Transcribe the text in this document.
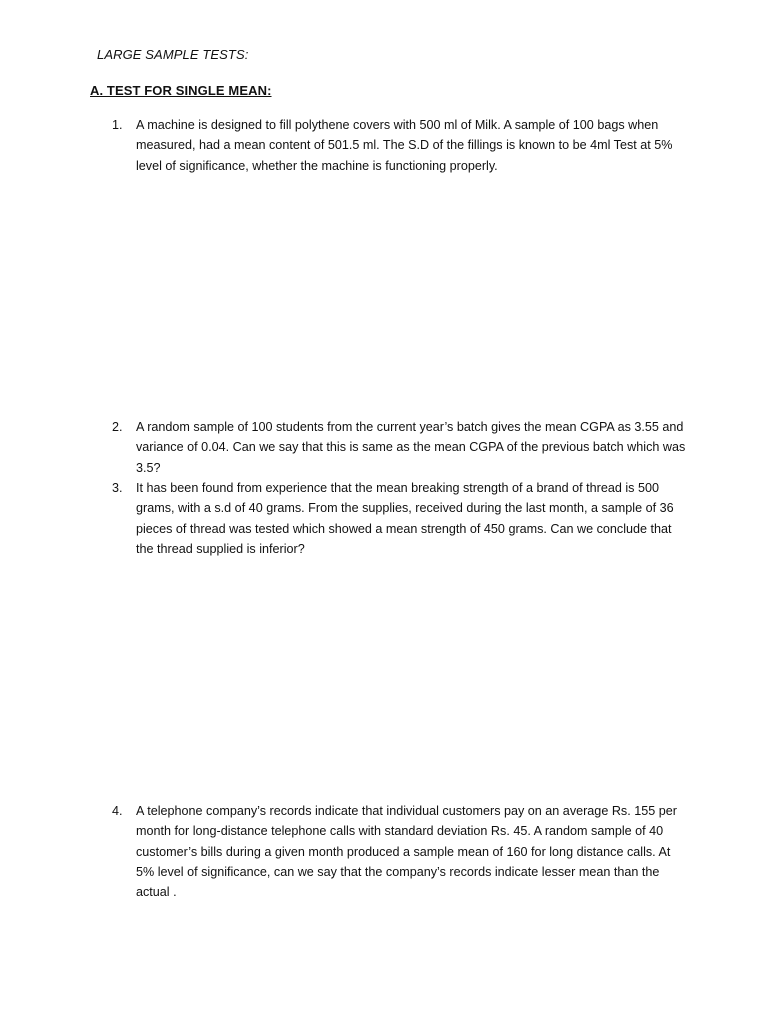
LARGE SAMPLE TESTS:
A. TEST FOR SINGLE MEAN:
1. A machine is designed to fill polythene covers with 500 ml of Milk. A sample of 100 bags when measured, had a mean content of 501.5 ml. The S.D of the fillings is known to be 4ml Test at 5% level of significance, whether the machine is functioning properly.
2. A random sample of 100 students from the current year’s batch gives the mean CGPA as 3.55 and variance of 0.04. Can we say that this is same as the mean CGPA of the previous batch which was 3.5?
3. It has been found from experience that the mean breaking strength of a brand of thread is 500 grams, with a s.d of 40 grams. From the supplies, received during the last month, a sample of 36 pieces of thread was tested which showed a mean strength of 450 grams. Can we conclude that the thread supplied is inferior?
4. A telephone company’s records indicate that individual customers pay on an average Rs. 155 per month for long-distance telephone calls with standard deviation Rs. 45. A random sample of 40 customer’s bills during a given month produced a sample mean of 160 for long distance calls. At 5% level of significance, can we say that the company’s records indicate lesser mean than the actual .
